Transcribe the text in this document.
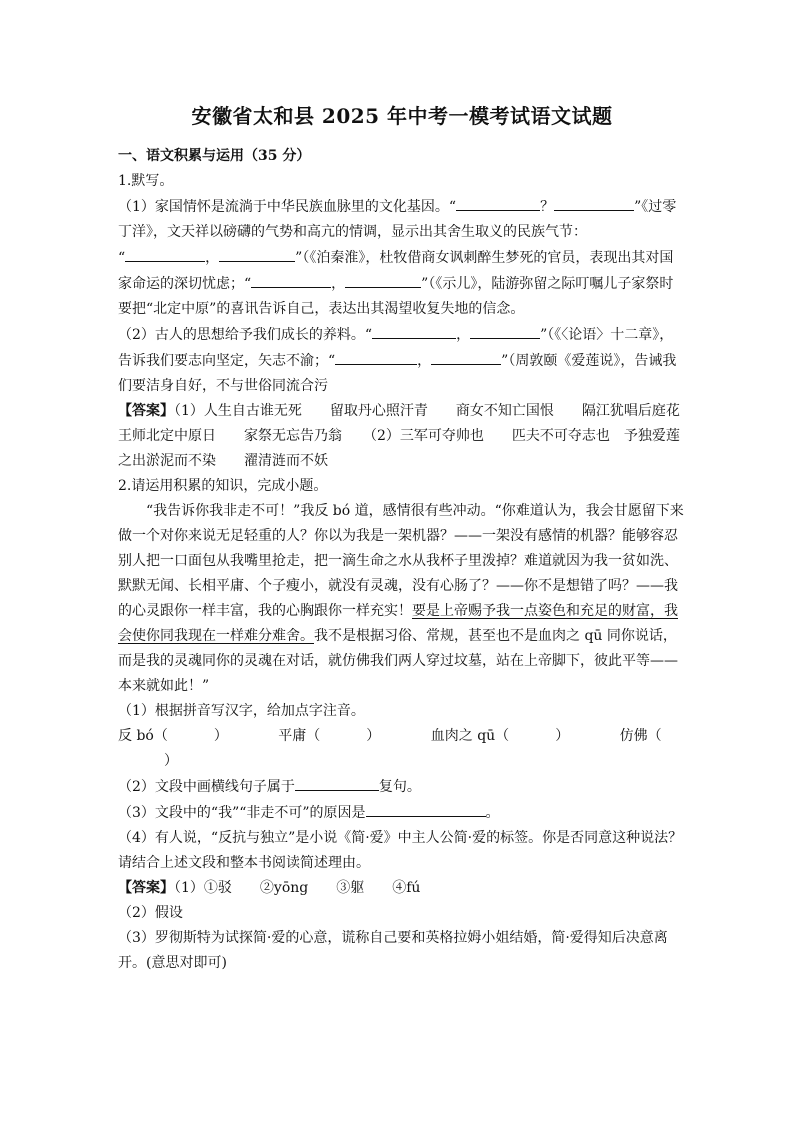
安徽省太和县 2025 年中考一模考试语文试题
一、语文积累与运用（35 分）

1.默写。

（1）家国情怀是流淌于中华民族血脉里的文化基因。“	？	”《过零丁洋》，文天祥以磅礴的气势和高亢的情调，显示出其舍生取义的民族气节：
“	，	”（《泊秦淮》，杜牧借商女讽刺醉生梦死的官员，表现出其对国家命运的深切忧虑；“	，	”（《示儿》，陆游弥留之际叮嘱儿子家祭时要把“北定中原”的喜讯告诉自己，表达出其渴望收复失地的信念。

（2）古人的思想给予我们成长的养料。“	，	”（《〈论语〉十二章》，告诉我们要志向坚定，矢志不渝；“	，	”（周敦颐《爱莲说》，告诫我们要洁身自好，不与世俗同流合污

【答案】（1）人生自古谁无死　　留取丹心照汗青　　商女不知亡国恨　　隔江犹唱后庭花　　王师北定中原日　　家祭无忘告乃翁　　（2）三军可夺帅也　　匹夫不可夺志也　予独爱莲之出淤泥而不染　　濯清涟而不妖

2.请运用积累的知识，完成小题。

“我告诉你我非走不可！”我反 bó 道，感情很有些冲动。“你难道认为，我会甘愿留下来做一个对你来说无足轻重的人？你以为我是一架机器？——一架没有感情的机器？能够容忍别人把一口面包从我嘴里抢走，把一滴生命之水从我杯子里泼掉？难道就因为我一贫如洗、默默无闻、长相平庸、个子瘦小，就没有灵魂，没有心肠了？——你不是想错了吗？——我的心灵跟你一样丰富，我的心胸跟你一样充实！要是上帝赐予我一点姿色和充足的财富，我会使你同我现在一样难分难舍。我不是根据习俗、常规，甚至也不是血肉之 qū 同你说话，而是我的灵魂同你的灵魂在对话，就仿佛我们两人穿过坟墓，站在上帝脚下，彼此平等——本来就如此！”

（1）根据拼音写汉字，给加点字注音。

反 bó（	）	平庸（	）	血肉之 qū（	）	仿佛（）

（2）文段中画横线句子属于	复句。

（3）文段中的“我”“非走不可”的原因是	。

（4）有人说，“反抗与独立”是小说《简·爱》中主人公简·爱的标签。你是否同意这种说法？请结合上述文段和整本书阅读简述理由。

【答案】（1）①驳　　②yōng　　③躯　　④fú

（2）假设

（3）罗彻斯特为试探简·爱的心意，谎称自己要和英格拉姆小姐结婚，简·爱得知后决意离开。(意思对即可)
